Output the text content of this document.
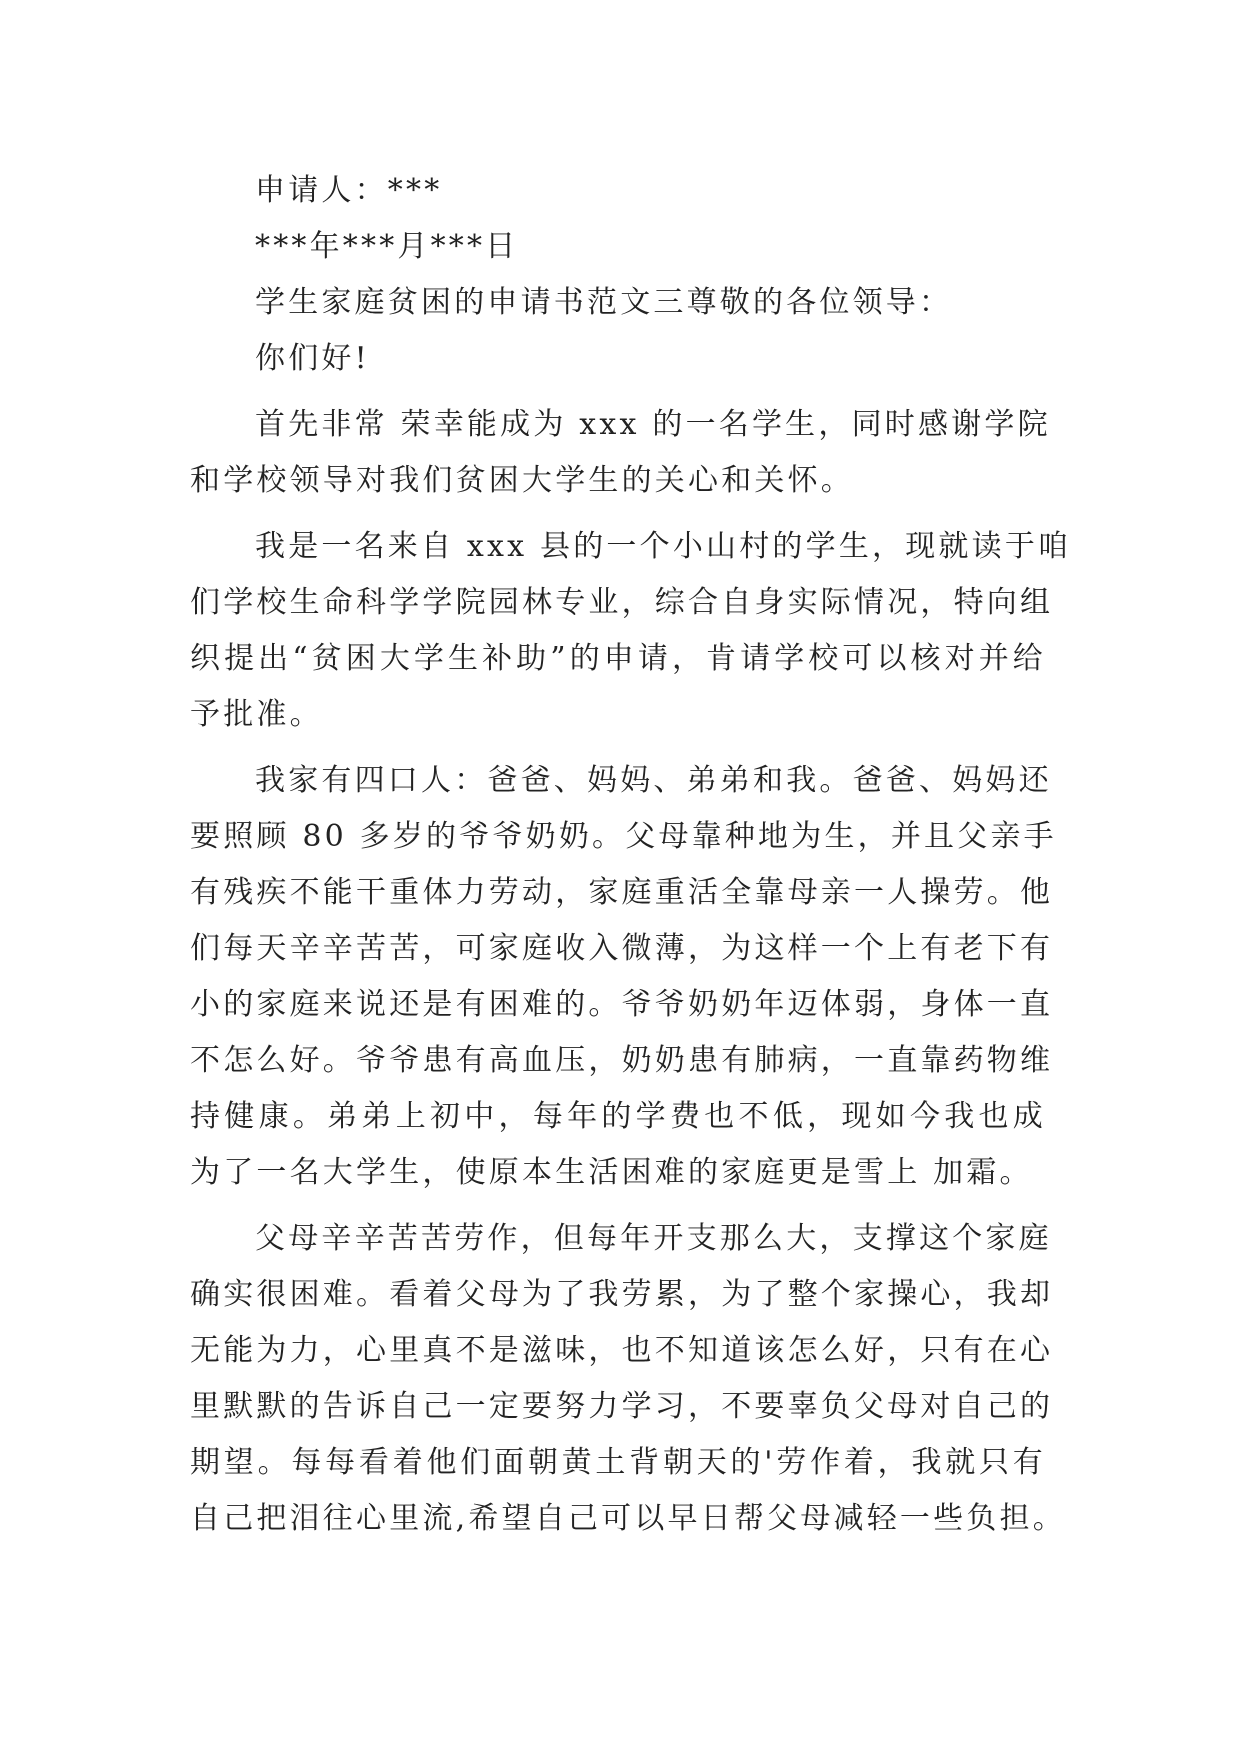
申请人：***
***年***月***日
学生家庭贫困的申请书范文三尊敬的各位领导：
你们好!
首先非常 荣幸能成为 xxx 的一名学生，同时感谢学院
和学校领导对我们贫困大学生的关心和关怀。
我是一名来自 xxx 县的一个小山村的学生，现就读于咱
们学校生命科学学院园林专业，综合自身实际情况，特向组
织提出“贫困大学生补助”的申请，肯请学校可以核对并给
予批准。
我家有四口人：爸爸、妈妈、弟弟和我。爸爸、妈妈还
要照顾 80 多岁的爷爷奶奶。父母靠种地为生，并且父亲手
有残疾不能干重体力劳动，家庭重活全靠母亲一人操劳。他
们每天辛辛苦苦，可家庭收入微薄，为这样一个上有老下有
小的家庭来说还是有困难的。爷爷奶奶年迈体弱，身体一直
不怎么好。爷爷患有高血压，奶奶患有肺病，一直靠药物维
持健康。弟弟上初中，每年的学费也不低，现如今我也成
为了一名大学生，使原本生活困难的家庭更是雪上 加霜。
父母辛辛苦苦劳作，但每年开支那么大，支撑这个家庭
确实很困难。看着父母为了我劳累，为了整个家操心，我却
无能为力，心里真不是滋味，也不知道该怎么好，只有在心
里默默的告诉自己一定要努力学习，不要辜负父母对自己的
期望。每每看着他们面朝黄土背朝天的'劳作着，我就只有
自己把泪往心里流,希望自己可以早日帮父母减轻一些负担。
